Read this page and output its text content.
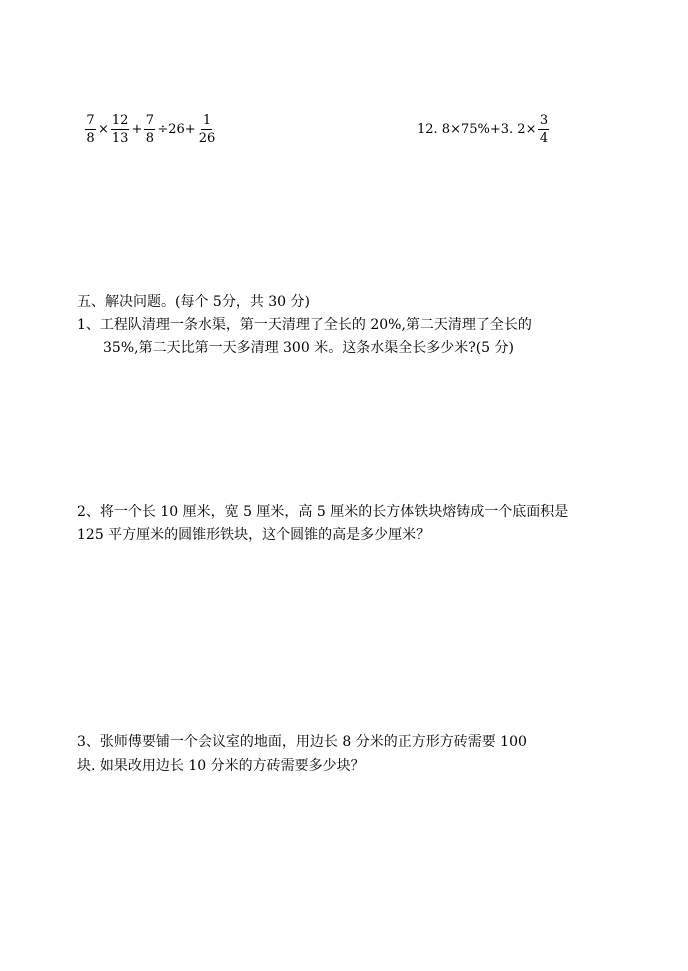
$\frac{7}{8} \times \frac{12}{13} + \frac{7}{8} \div 26+ \frac{1}{26}$	12. 8×75%+3. $2\times \frac{3}{4}$
五、解决问题。(每个 5分，共 30 分)
1、工程队清理一条水渠，第一天清理了全长的 20%,第二天清理了全长的
35%,第二天比第一天多清理 300 米。这条水渠全长多少米?(5 分)
2、将一个长 10 厘米，宽 5 厘米，高 5 厘米的长方体铁块熔铸成一个底面积是
125 平方厘米的圆锥形铁块，这个圆锥的高是多少厘米？
3、张师傅要铺一个会议室的地面，用边长 8 分米的正方形方砖需要 100
块. 如果改用边长 10 分米的方砖需要多少块？
